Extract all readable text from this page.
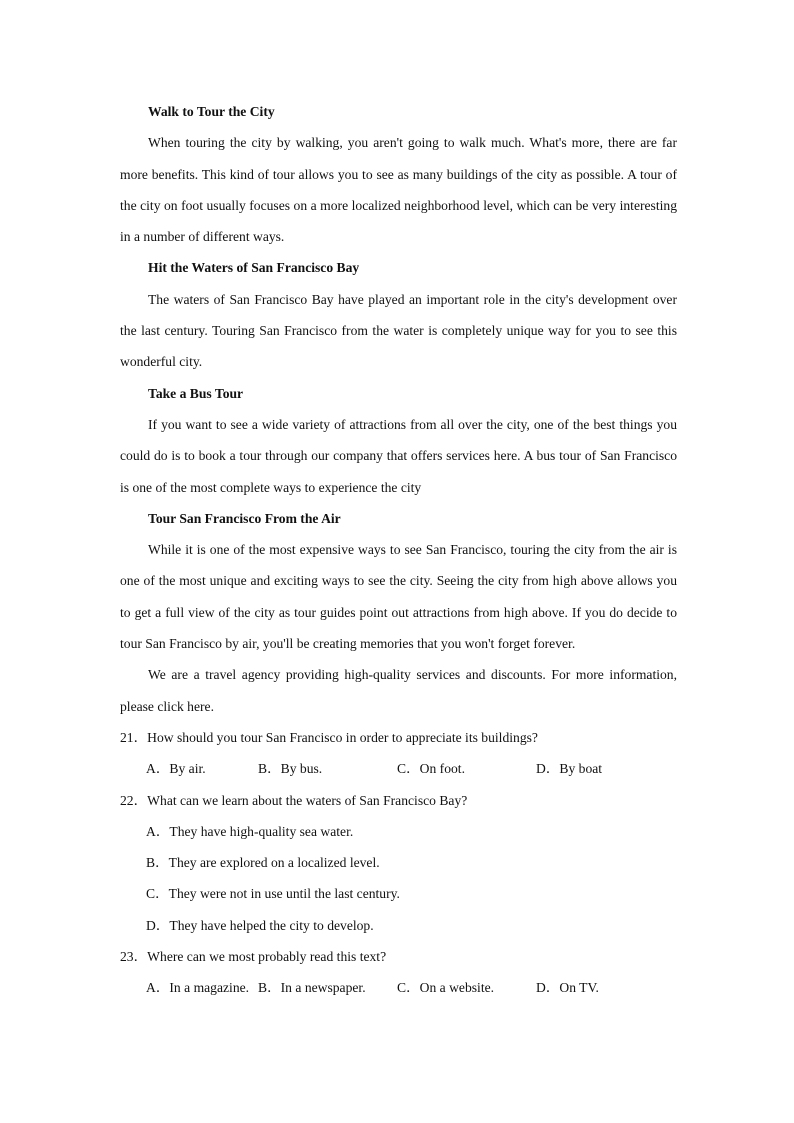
Walk to Tour the City
When touring the city by walking, you aren't going to walk much. What's more, there are far more benefits. This kind of tour allows you to see as many buildings of the city as possible. A tour of the city on foot usually focuses on a more localized neighborhood level, which can be very interesting in a number of different ways.
Hit the Waters of San Francisco Bay
The waters of San Francisco Bay have played an important role in the city's development over the last century. Touring San Francisco from the water is completely unique way for you to see this wonderful city.
Take a Bus Tour
If you want to see a wide variety of attractions from all over the city, one of the best things you could do is to book a tour through our company that offers services here. A bus tour of San Francisco is one of the most complete ways to experience the city
Tour San Francisco From the Air
While it is one of the most expensive ways to see San Francisco, touring the city from the air is one of the most unique and exciting ways to see the city. Seeing the city from high above allows you to get a full view of the city as tour guides point out attractions from high above. If you do decide to tour San Francisco by air, you'll be creating memories that you won't forget forever.
We are a travel agency providing high-quality services and discounts. For more information, please click here.
21．How should you tour San Francisco in order to appreciate its buildings?
A．By air.	B．By bus.	C．On foot.	D．By boat
22．What can we learn about the waters of San Francisco Bay?
A．They have high-quality sea water.
B．They are explored on a localized level.
C．They were not in use until the last century.
D．They have helped the city to develop.
23．Where can we most probably read this text?
A．In a magazine. B．In a newspaper. C．On a website.	D．On TV.
